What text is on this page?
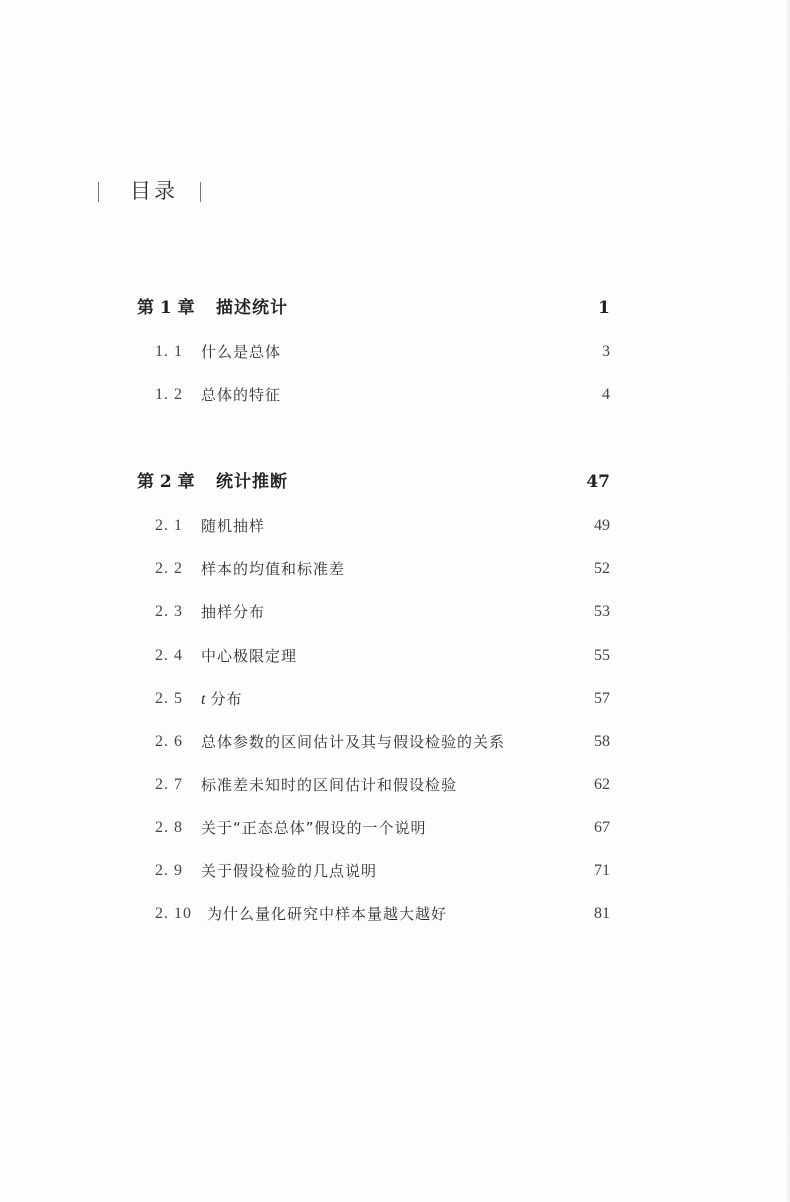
目录
第 1 章 描述统计	1
1. 1 什么是总体	3
1. 2 总体的特征	4
第 2 章 统计推断	47
2. 1 随机抽样	49
2. 2 样本的均值和标准差	52
2. 3 抽样分布	53
2. 4 中心极限定理	55
2. 5 t 分布	57
2. 6 总体参数的区间估计及其与假设检验的关系	58
2. 7 标准差未知时的区间估计和假设检验	62
2. 8 关于“正态总体”假设的一个说明	67
2. 9 关于假设检验的几点说明	71
2. 10 为什么量化研究中样本量越大越好	81
